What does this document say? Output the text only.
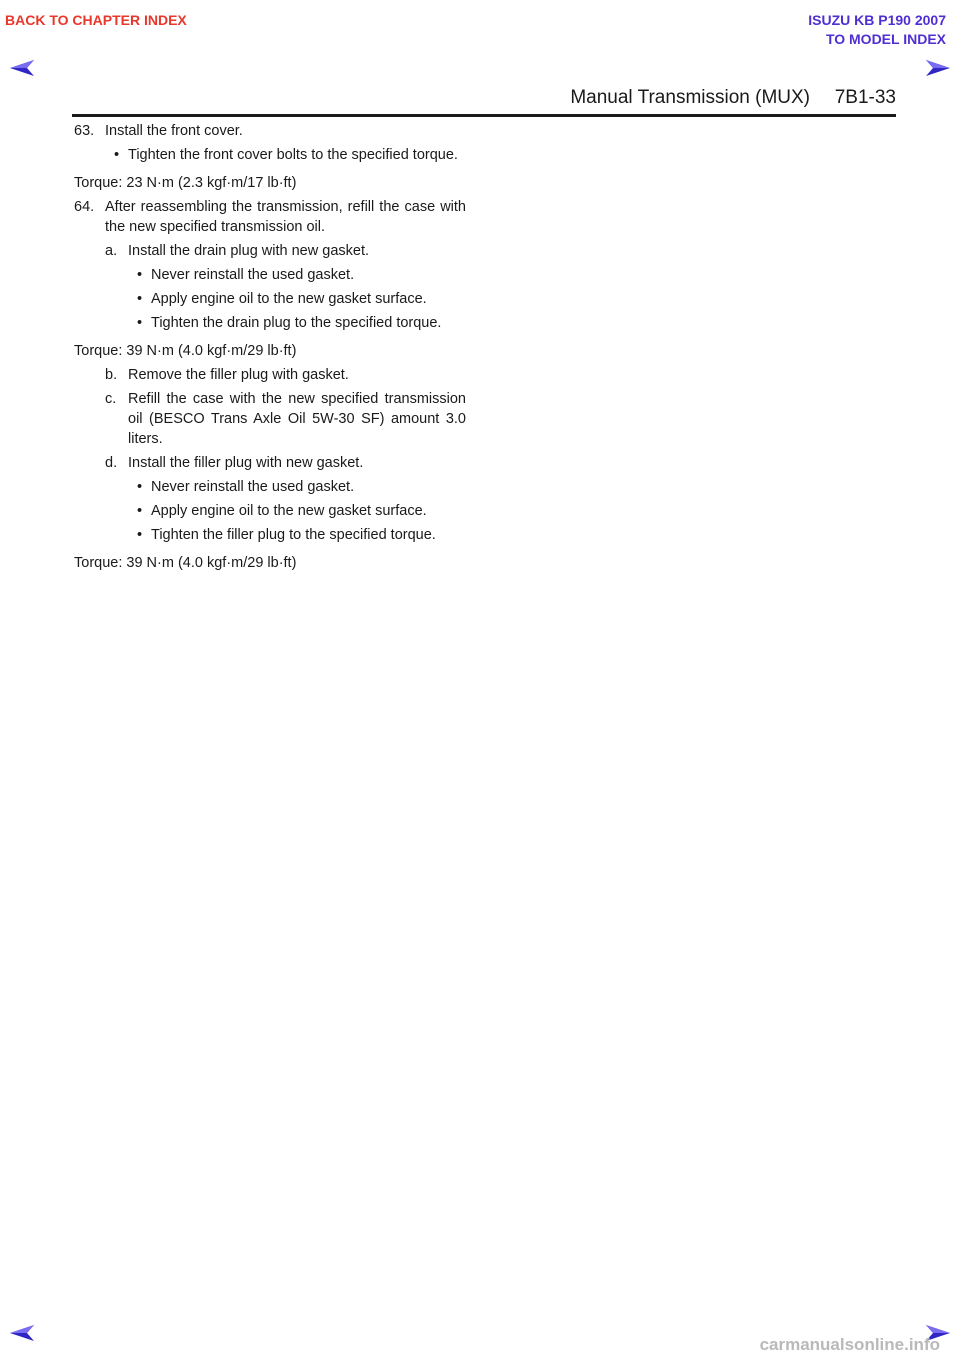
BACK TO CHAPTER INDEX	ISUZU KB P190 2007
TO MODEL INDEX
Manual Transmission (MUX) 7B1-33

63. Install the front cover.

• Tighten the front cover bolts to the specified torque.

Torque: 23 N·m (2.3 kgf·m/17 lb·ft)

64. After reassembling the transmission, refill the case with the new specified transmission oil.

a. Install the drain plug with new gasket.

• Never reinstall the used gasket.

• Apply engine oil to the new gasket surface.

• Tighten the drain plug to the specified torque.

Torque: 39 N·m (4.0 kgf·m/29 lb·ft)

b. Remove the filler plug with gasket.

c. Refill the case with the new specified transmission oil (BESCO Trans Axle Oil 5W-30 SF) amount 3.0 liters.

d. Install the filler plug with new gasket.

• Never reinstall the used gasket.

• Apply engine oil to the new gasket surface.

• Tighten the filler plug to the specified torque.

Torque: 39 N·m (4.0 kgf·m/29 lb·ft)

carmanualsonline.info
